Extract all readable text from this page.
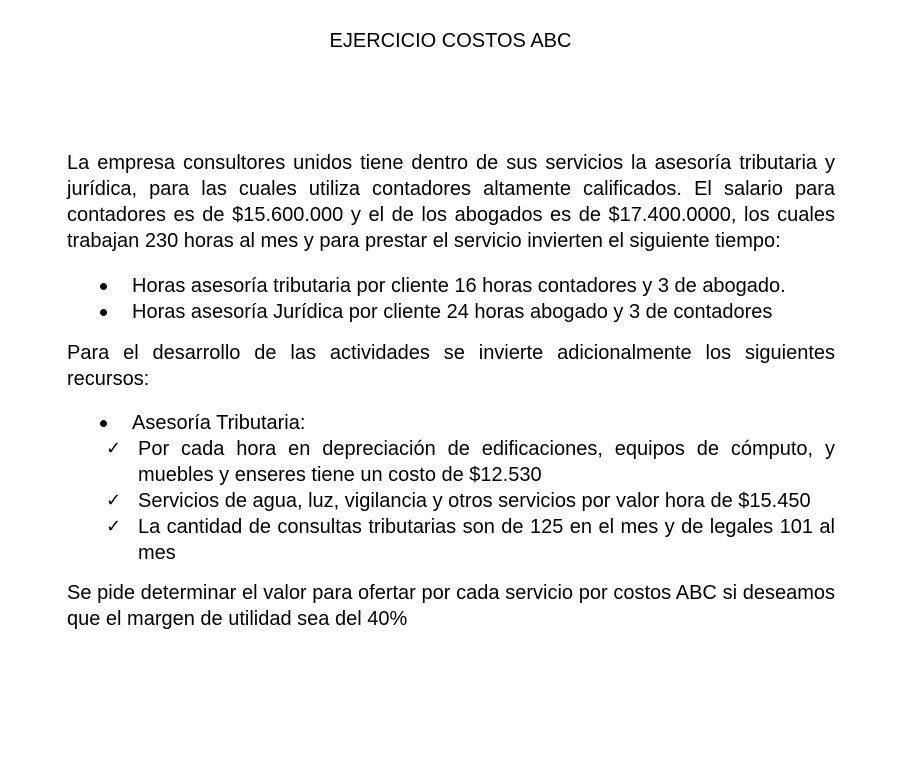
EJERCICIO COSTOS ABC

La empresa consultores unidos tiene dentro de sus servicios la asesoría tributaria y jurídica, para las cuales utiliza contadores altamente calificados. El salario para contadores es de $15.600.000 y el de los abogados es de $17.400.0000, los cuales trabajan 230 horas al mes y para prestar el servicio invierten el siguiente tiempo:

Horas asesoría tributaria por cliente 16 horas contadores y 3 de abogado.
Horas asesoría Jurídica por cliente 24 horas abogado y 3 de contadores

Para el desarrollo de las actividades se invierte adicionalmente los siguientes recursos:

Asesoría Tributaria:
✓ Por cada hora en depreciación de edificaciones, equipos de cómputo, y muebles y enseres tiene un costo de $12.530
✓ Servicios de agua, luz, vigilancia y otros servicios por valor hora de $15.450
✓ La cantidad de consultas tributarias son de 125 en el mes y de legales 101 al mes

Se pide determinar el valor para ofertar por cada servicio por costos ABC si deseamos que el margen de utilidad sea del 40%
